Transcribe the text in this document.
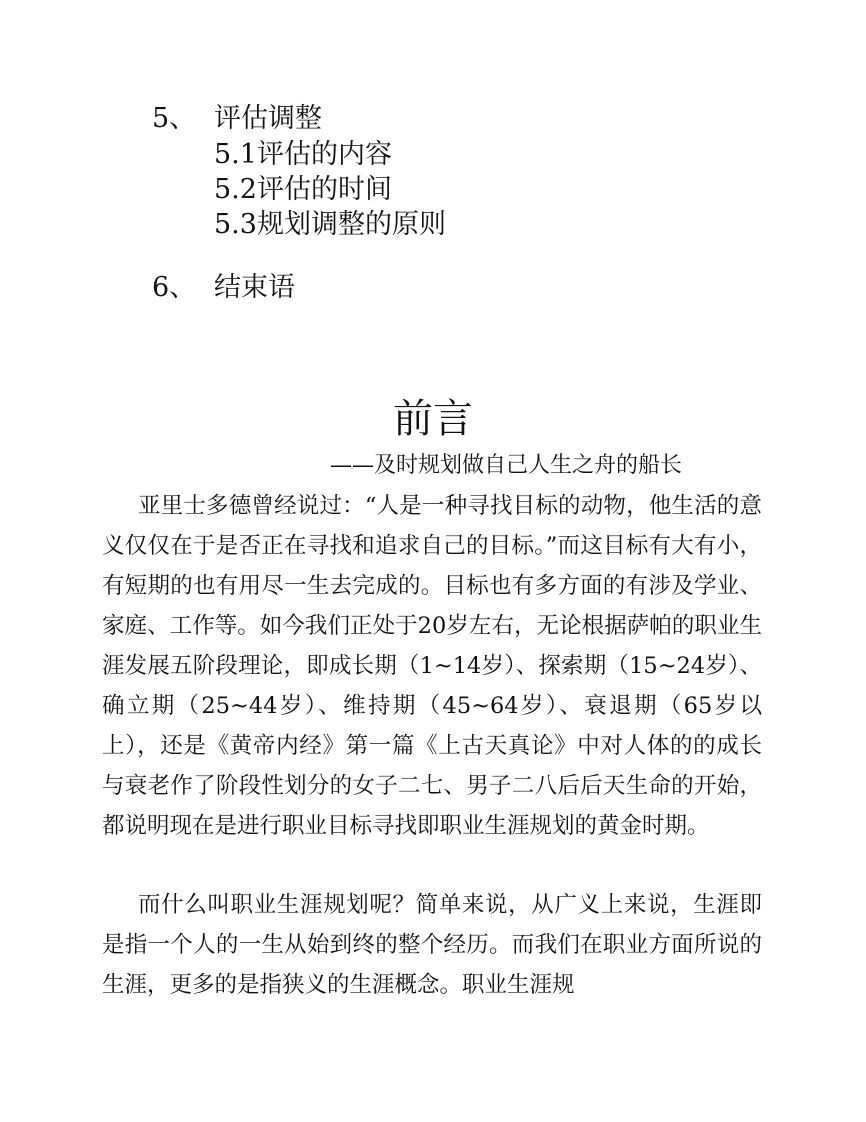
5、 评估调整
5.1评估的内容
5.2评估的时间
5.3规划调整的原则
6、 结束语
前言
——及时规划做自己人生之舟的船长

亚里士多德曾经说过：“人是一种寻找目标的动物，他生活的意义仅仅在于是否正在寻找和追求自己的目标。”而这目标有大有小，有短期的也有用尽一生去完成的。目标也有多方面的有涉及学业、家庭、工作等。如今我们正处于20岁左右，无论根据萨帕的职业生涯发展五阶段理论，即成长期（1~14岁）、探索期（15~24岁）、确立期（25~44岁）、维持期（45~64岁）、衰退期（65岁以上），还是《黄帝内经》第一篇《上古天真论》中对人体的的成长与衰老作了阶段性划分的女子二七、男子二八后后天生命的开始，都说明现在是进行职业目标寻找即职业生涯规划的黄金时期。

而什么叫职业生涯规划呢？简单来说，从广义上来说，生涯即是指一个人的一生从始到终的整个经历。而我们在职业方面所说的生涯，更多的是指狭义的生涯概念。职业生涯规
